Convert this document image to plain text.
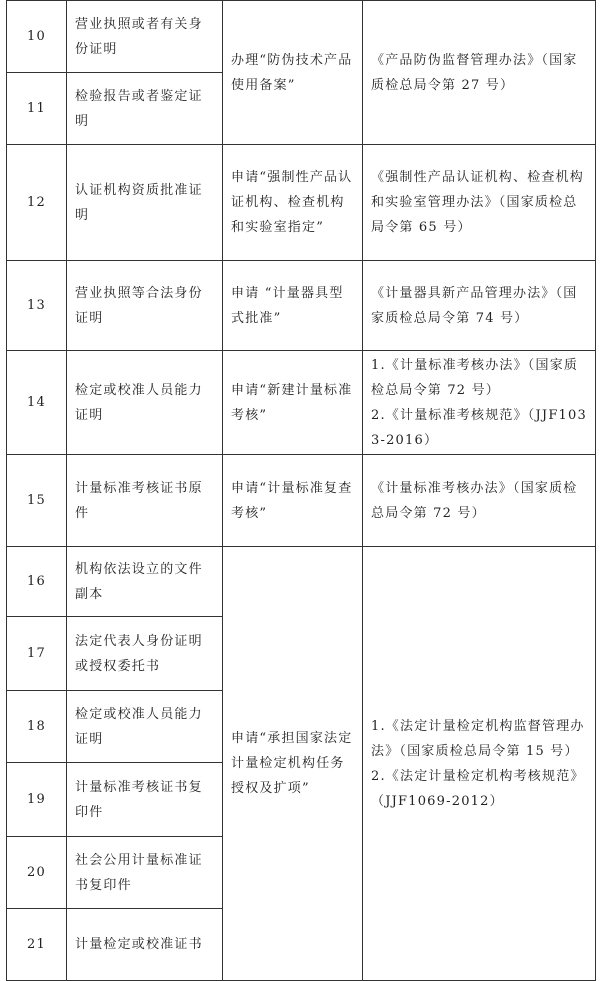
10	营业执照或者有关身份证明	办理“防伪技术产品使用备案”	《产品防伪监督管理办法》（国家质检总局令第 27 号）

11	检验报告或者鉴定证明		
12	认证机构资质批准证明	申请“强制性产品认证机构、检查机构和实验室指定”	《强制性产品认证机构、检查机构和实验室管理办法》（国家质检总局令第 65 号）

13	营业执照等合法身份证明	申请 “计量器具型式批准”	《计量器具新产品管理办法》（国家质检总局令第 74 号）

14	检定或校准人员能力证明	申请“新建计量标准考核”	1.《计量标准考核办法》（国家质检总局令第 72 号）
2.《计量标准考核规范》（JJF1033-2016）

15	计量标准考核证书原件	申请“计量标准复查考核”	《计量标准考核办法》（国家质检总局令第 72 号）

16	机构依法设立的文件副本	申请“承担国家法定计量检定机构任务授权及扩项”	1.《法定计量检定机构监督管理办法》（国家质检总局令第 15 号）
2.《法定计量检定机构考核规范》（JJF1069-2012）

17	法定代表人身份证明或授权委托书		
18	检定或校准人员能力证明		
19	计量标准考核证书复印件		
20	社会公用计量标准证书复印件		
21	计量检定或校准证书		
